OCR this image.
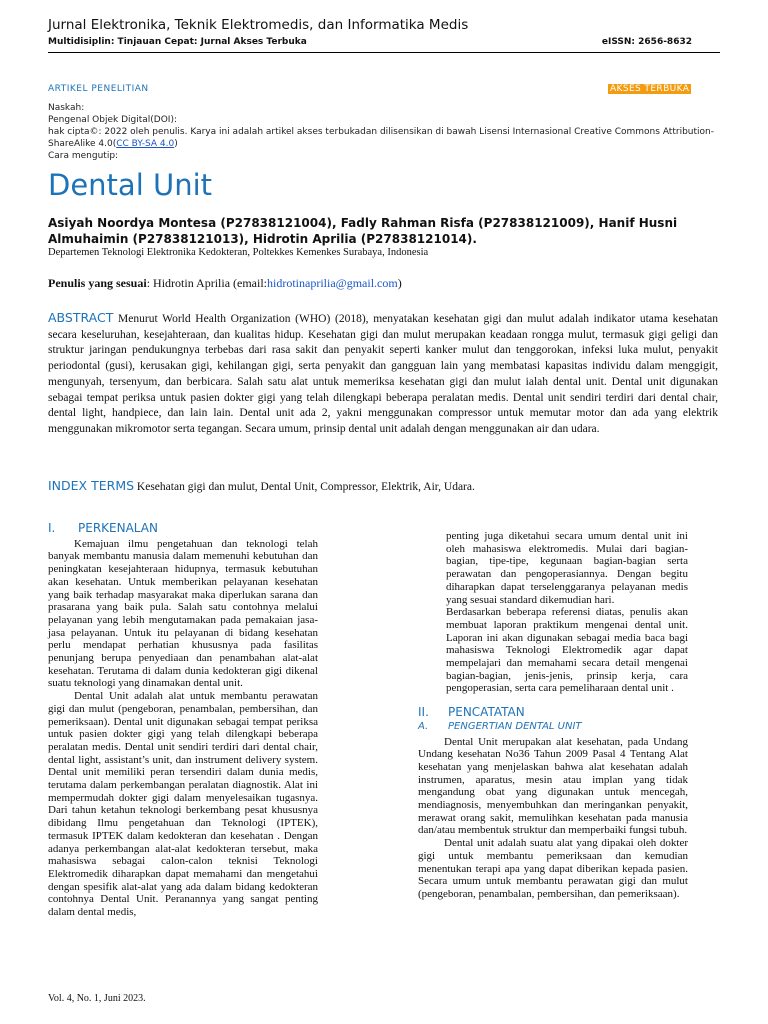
Jurnal Elektronika, Teknik Elektromedis, dan Informatika Medis
Multidisiplin: Tinjauan Cepat: Jurnal Akses Terbuka	eISSN: 2656-8632
ARTIKEL PENELITIAN	AKSES TERBUKA
Naskah:
Pengenal Objek Digital(DOI):
hak cipta©: 2022 oleh penulis. Karya ini adalah artikel akses terbukadan dilisensikan di bawah Lisensi Internasional Creative Commons Attribution-
ShareAlike 4.0(CC BY-SA 4.0)
Cara mengutip:
Dental Unit
Asiyah Noordya Montesa (P27838121004), Fadly Rahman Risfa (P27838121009), Hanif Husni Almuhaimin (P27838121013), Hidrotin Aprilia (P27838121014).
Departemen Teknologi Elektronika Kedokteran, Poltekkes Kemenkes Surabaya, Indonesia
Penulis yang sesuai: Hidrotin Aprilia (email:hidrotinaprilia@gmail.com)
ABSTRACT Menurut World Health Organization (WHO) (2018), menyatakan kesehatan gigi dan mulut adalah indikator utama kesehatan secara keseluruhan, kesejahteraan, dan kualitas hidup. Kesehatan gigi dan mulut merupakan keadaan rongga mulut, termasuk gigi geligi dan struktur jaringan pendukungnya terbebas dari rasa sakit dan penyakit seperti kanker mulut dan tenggorokan, infeksi luka mulut, penyakit periodontal (gusi), kerusakan gigi, kehilangan gigi, serta penyakit dan gangguan lain yang membatasi kapasitas individu dalam menggigit, mengunyah, tersenyum, dan berbicara. Salah satu alat untuk memeriksa kesehatan gigi dan mulut ialah dental unit. Dental unit digunakan sebagai tempat periksa untuk pasien dokter gigi yang telah dilengkapi beberapa peralatan medis. Dental unit sendiri terdiri dari dental chair, dental light, handpiece, dan lain lain. Dental unit ada 2, yakni menggunakan compressor untuk memutar motor dan ada yang elektrik menggunakan mikromotor serta tegangan. Secara umum, prinsip dental unit adalah dengan menggunakan air dan udara.
INDEX TERMS Kesehatan gigi dan mulut, Dental Unit, Compressor, Elektrik, Air, Udara.

I. PERKENALAN

Kemajuan ilmu pengetahuan dan teknologi telah banyak membantu manusia dalam memenuhi kebutuhan dan peningkatan kesejahteraan hidupnya, termasuk kebutuhan akan kesehatan. Untuk memberikan pelayanan kesehatan yang baik terhadap masyarakat maka diperlukan sarana dan prasarana yang baik pula. Salah satu contohnya melalui pelayanan yang lebih mengutamakan pada pemakaian jasa- jasa pelayanan. Untuk itu pelayanan di bidang kesehatan perlu mendapat perhatian khususnya pada fasilitas penunjang berupa penyediaan dan penambahan alat-alat kesehatan. Terutama di dalam dunia kedokteran gigi dikenal suatu teknologi yang dinamakan dental unit.

Dental Unit adalah alat untuk membantu perawatan gigi dan mulut (pengeboran, penambalan, pembersihan, dan pemeriksaan). Dental unit digunakan sebagai tempat periksa untuk pasien dokter gigi yang telah dilengkapi beberapa peralatan medis. Dental unit sendiri terdiri dari dental chair, dental light, assistant’s unit, dan instrument delivery system. Dental unit memiliki peran tersendiri dalam dunia medis, terutama dalam perkembangan peralatan diagnostik. Alat ini mempermudah dokter gigi dalam menyelesaikan tugasnya. Dari tahun ketahun teknologi berkembang pesat khususnya dibidang Ilmu pengetahuan dan Teknologi (IPTEK), termasuk IPTEK dalam kedokteran dan kesehatan . Dengan adanya perkembangan alat-alat kedokteran tersebut, maka mahasiswa sebagai calon-calon teknisi Teknologi Elektromedik diharapkan dapat memahami dan mengetahui dengan spesifik alat-alat yang ada dalam bidang kedokteran contohnya Dental Unit. Peranannya yang sangat penting dalam dental medis,

penting juga diketahui secara umum dental unit ini oleh mahasiswa elektromedis. Mulai dari bagian-bagian, tipe-tipe, kegunaan bagian-bagian serta perawatan dan pengoperasiannya. Dengan begitu diharapkan dapat terselenggaranya pelayanan medis yang sesuai standard dikemudian hari.

Berdasarkan beberapa referensi diatas, penulis akan membuat laporan praktikum mengenai dental unit. Laporan ini akan digunakan sebagai media baca bagi mahasiswa Teknologi Elektromedik agar dapat mempelajari dan memahami secara detail mengenai bagian-bagian, jenis-jenis, prinsip kerja, cara pengoperasian, serta cara pemeliharaan dental unit .

II. PENCATATAN

A. PENGERTIAN DENTAL UNIT

Dental Unit merupakan alat kesehatan, pada Undang Undang kesehatan No36 Tahun 2009 Pasal 4 Tentang Alat kesehatan yang menjelaskan bahwa alat kesehatan adalah instrumen, aparatus, mesin atau implan yang tidak mengandung obat yang digunakan untuk mencegah, mendiagnosis, menyembuhkan dan meringankan penyakit, merawat orang sakit, memulihkan kesehatan pada manusia dan/atau membentuk struktur dan memperbaiki fungsi tubuh.

Dental unit adalah suatu alat yang dipakai oleh dokter gigi untuk membantu pemeriksaan dan kemudian menentukan terapi apa yang dapat diberikan kepada pasien. Secara umum untuk membantu perawatan gigi dan mulut (pengeboran, penambalan, pembersihan, dan pemeriksaan).

Vol. 4, No. 1, Juni 2023.
